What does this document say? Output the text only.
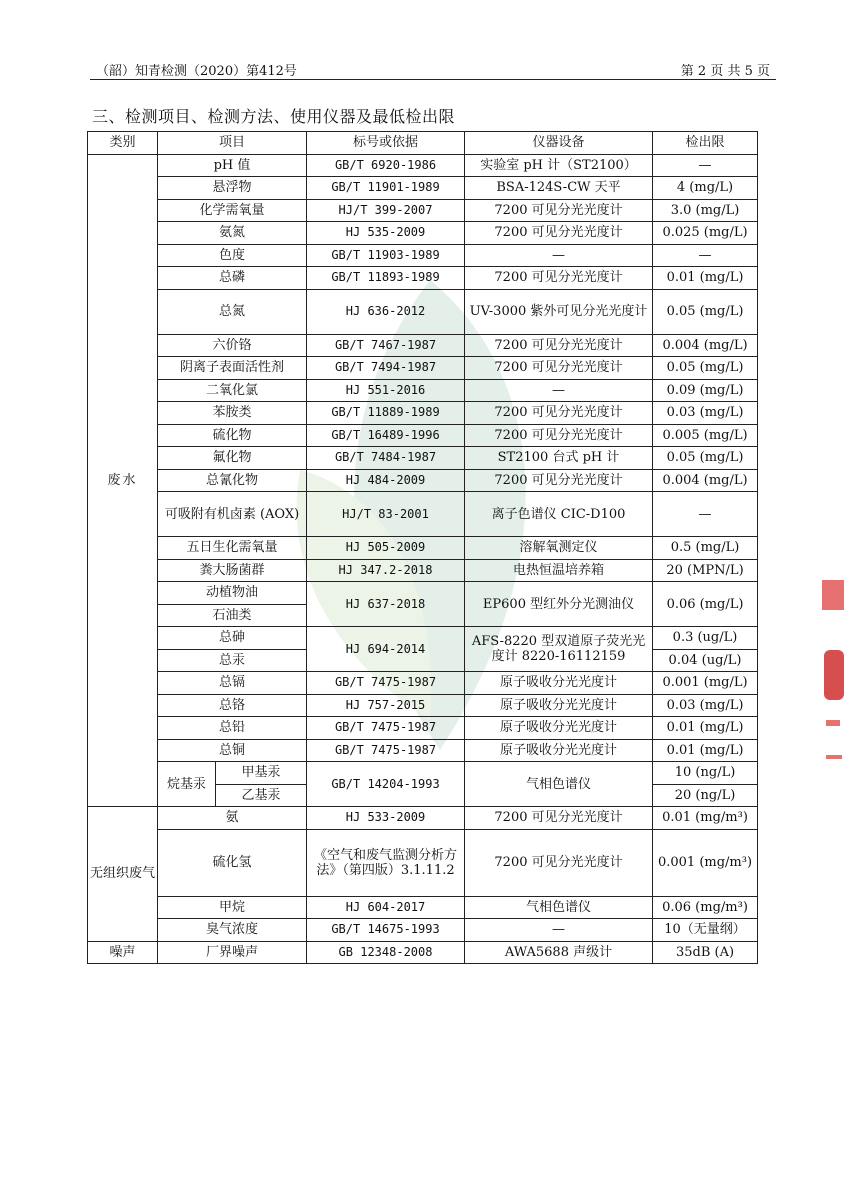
（韶）知青检测（2020）第412号	第 2 页 共 5 页
三、检测项目、检测方法、使用仪器及最低检出限
类别	项目		标号或依据	仪器设备	检出限
废水	pH 值		GB/T 6920-1986	实验室 pH 计（ST2100）	—
	悬浮物		GB/T 11901-1989	BSA-124S-CW 天平	4 (mg/L)
	化学需氧量		HJ/T 399-2007	7200 可见分光光度计	3.0 (mg/L)
	氨氮		HJ 535-2009	7200 可见分光光度计	0.025 (mg/L)
	色度		GB/T 11903-1989	—	—
	总磷		GB/T 11893-1989	7200 可见分光光度计	0.01 (mg/L)
	总氮		HJ 636-2012	UV-3000 紫外可见分光光度计	0.05 (mg/L)
	六价铬		GB/T 7467-1987	7200 可见分光光度计	0.004 (mg/L)
	阴离子表面活性剂		GB/T 7494-1987	7200 可见分光光度计	0.05 (mg/L)
	二氧化氯		HJ 551-2016	—	0.09 (mg/L)
	苯胺类		GB/T 11889-1989	7200 可见分光光度计	0.03 (mg/L)
	硫化物		GB/T 16489-1996	7200 可见分光光度计	0.005 (mg/L)
	氟化物		GB/T 7484-1987	ST2100 台式 pH 计	0.05 (mg/L)
	总氰化物		HJ 484-2009	7200 可见分光光度计	0.004 (mg/L)
	可吸附有机卤素 (AOX)		HJ/T 83-2001	离子色谱仪 CIC-D100	—
	五日生化需氧量		HJ 505-2009	溶解氧测定仪	0.5 (mg/L)
	粪大肠菌群		HJ 347.2-2018	电热恒温培养箱	20 (MPN/L)
	动植物油		HJ 637-2018	EP600 型红外分光测油仪	0.06 (mg/L)
	石油类				
	总砷		HJ 694-2014	AFS-8220 型双道原子荧光光度计 8220-16112159	0.3 (ug/L)
	总汞				0.04 (ug/L)
	总镉		GB/T 7475-1987	原子吸收分光光度计	0.001 (mg/L)
	总铬		HJ 757-2015	原子吸收分光光度计	0.03 (mg/L)
	总铅		GB/T 7475-1987	原子吸收分光光度计	0.01 (mg/L)
	总铜		GB/T 7475-1987	原子吸收分光光度计	0.01 (mg/L)
	烷基汞	甲基汞	GB/T 14204-1993	气相色谱仪	10 (ng/L)
		乙基汞			20 (ng/L)
无组织废气	氨		HJ 533-2009	7200 可见分光光度计	0.01 (mg/m³)
	硫化氢		《空气和废气监测分析方法》（第四版）3.1.11.2	7200 可见分光光度计	0.001 (mg/m³)
	甲烷		HJ 604-2017	气相色谱仪	0.06 (mg/m³)
	臭气浓度		GB/T 14675-1993	—	10（无量纲）
噪声	厂界噪声		GB 12348-2008	AWA5688 声级计	35dB (A)
